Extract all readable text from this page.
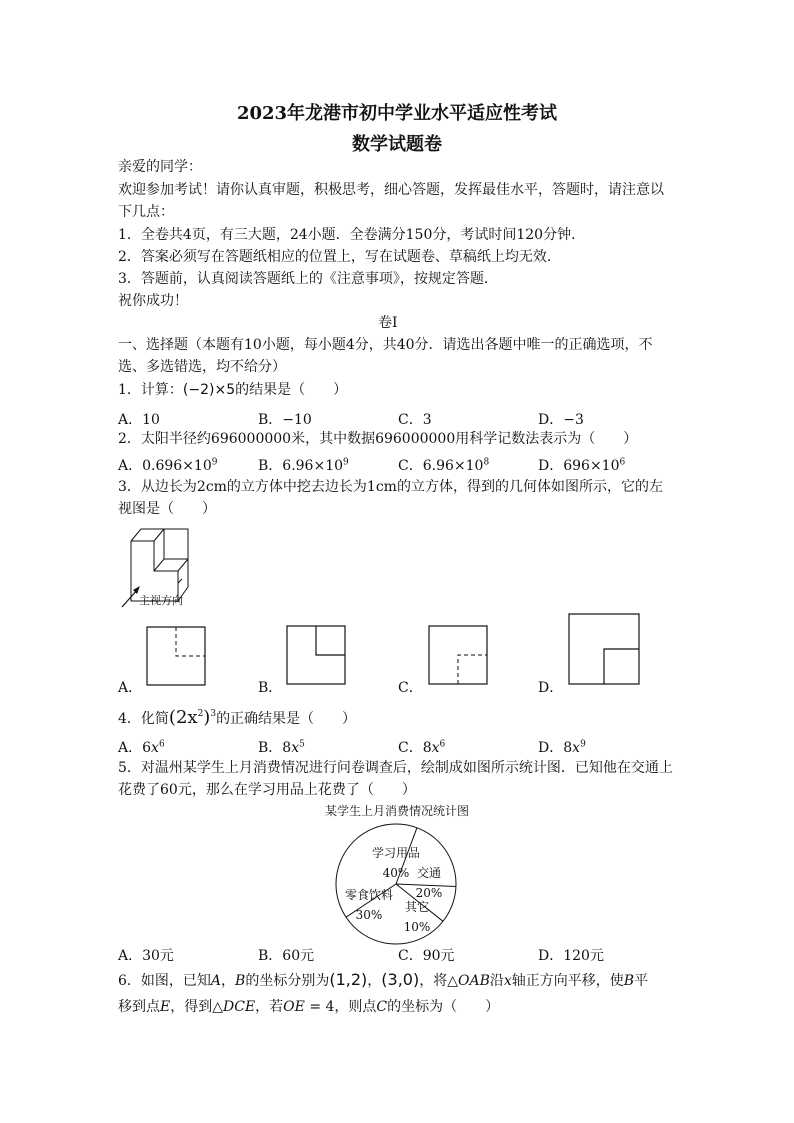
2023年龙港市初中学业水平适应性考试
数学试题卷
亲爱的同学：
欢迎参加考试！请你认真审题，积极思考，细心答题，发挥最佳水平，答题时，请注意以
下几点：
1．全卷共4页，有三大题，24小题．全卷满分150分，考试时间120分钟．
2．答案必须写在答题纸相应的位置上，写在试题卷、草稿纸上均无效．
3．答题前，认真阅读答题纸上的《注意事项》，按规定答题．
祝你成功！
卷Ⅰ
一、选择题（本题有10小题，每小题4分，共40分．请选出各题中唯一的正确选项，不
选、多选错选，均不给分）
1．计算：(−2)×5的结果是（　　）
A．10	B．−10	C．3	D．−3
2．太阳半径约696000000米，其中数据696000000用科学记数法表示为（　　）
A．$0.696\times 10^9$	B．$6.96\times 10^9$	C．$6.96\times 10^8$	D．$696\times 10^6$
3．从边长为2cm的立方体中挖去边长为1cm的立方体，得到的几何体如图所示，它的左
视图是（　　）
主视方向
A．	B．	C．	D．
4．化简$(2x^2)^3$的正确结果是（　　）
A．$6x^6$	B．$8x^5$	C．$8x^6$	D．$8x^9$
5．对温州某学生上月消费情况进行问卷调查后，绘制成如图所示统计图．已知他在交通上
花费了60元，那么在学习用品上花费了（　　）
某学生上月消费情况统计图
学习用品
40% 交通
20%
其它
10%
零食饮料
30%
A．30元	B．60元	C．90元	D．120元
6．如图，已知A，B的坐标分别为(1,2)，(3,0)，将△OAB沿x轴正方向平移，使B平
移到点E，得到△DCE，若OE = 4，则点C的坐标为（　　）
